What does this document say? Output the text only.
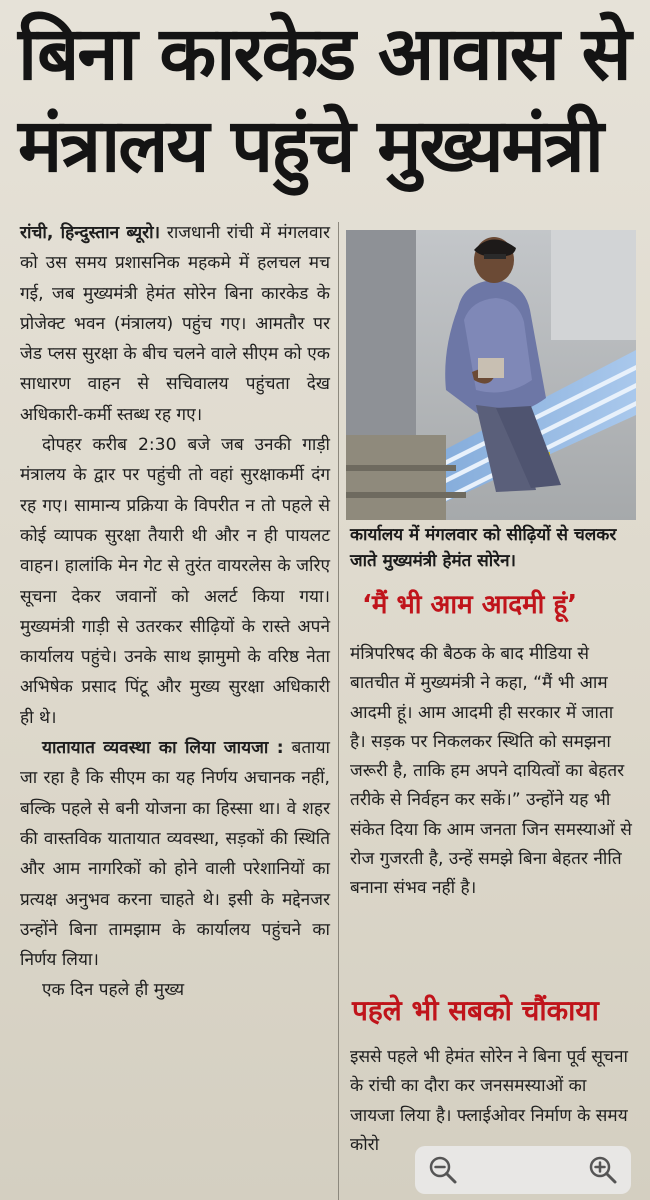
बिना कारकेड आवास से
मंत्रालय पहुंचे मुख्यमंत्री

रांची, हिन्दुस्तान ब्यूरो। राजधानी रांची में मंगलवार को उस समय प्रशासनिक महकमे में हलचल मच गई, जब मुख्यमंत्री हेमंत सोरेन बिना कारकेड के प्रोजेक्ट भवन (मंत्रालय) पहुंच गए। आमतौर पर जेड प्लस सुरक्षा के बीच चलने वाले सीएम को एक साधारण वाहन से सचिवालय पहुंचता देख अधिकारी-कर्मी स्तब्ध रह गए।

दोपहर करीब 2:30 बजे जब उनकी गाड़ी मंत्रालय के द्वार पर पहुंची तो वहां सुरक्षाकर्मी दंग रह गए। सामान्य प्रक्रिया के विपरीत न तो पहले से कोई व्यापक सुरक्षा तैयारी थी और न ही पायलट वाहन। हालांकि मेन गेट से तुरंत वायरलेस के जरिए सूचना देकर जवानों को अलर्ट किया गया। मुख्यमंत्री गाड़ी से उतरकर सीढ़ियों के रास्ते अपने कार्यालय पहुंचे। उनके साथ झामुमो के वरिष्ठ नेता अभिषेक प्रसाद पिंटू और मुख्य सुरक्षा अधिकारी ही थे।

यातायात व्यवस्था का लिया जायजा : बताया जा रहा है कि सीएम का यह निर्णय अचानक नहीं, बल्कि पहले से बनी योजना का हिस्सा था। वे शहर की वास्तविक यातायात व्यवस्था, सड़कों की स्थिति और आम नागरिकों को होने वाली परेशानियों का प्रत्यक्ष अनुभव करना चाहते थे। इसी के मद्देनजर उन्होंने बिना तामझाम के कार्यालय पहुंचने का निर्णय लिया।

एक दिन पहले ही मुख्य

कार्यालय में मंगलवार को सीढ़ियों से चलकर जाते मुख्यमंत्री हेमंत सोरेन।
‘मैं भी आम आदमी हूं’

मंत्रिपरिषद की बैठक के बाद मीडिया से बातचीत में मुख्यमंत्री ने कहा, “मैं भी आम आदमी हूं। आम आदमी ही सरकार में जाता है। सड़क पर निकलकर स्थिति को समझना जरूरी है, ताकि हम अपने दायित्वों का बेहतर तरीके से निर्वहन कर सकें।” उन्होंने यह भी संकेत दिया कि आम जनता जिन समस्याओं से रोज गुजरती है, उन्हें समझे बिना बेहतर नीति बनाना संभव नहीं है।

पहले भी सबको चौंकाया

इससे पहले भी हेमंत सोरेन ने बिना पूर्व सूचना के रांची का दौरा कर जनसमस्याओं का जायजा लिया है। फ्लाईओवर निर्माण के समय कोरो
